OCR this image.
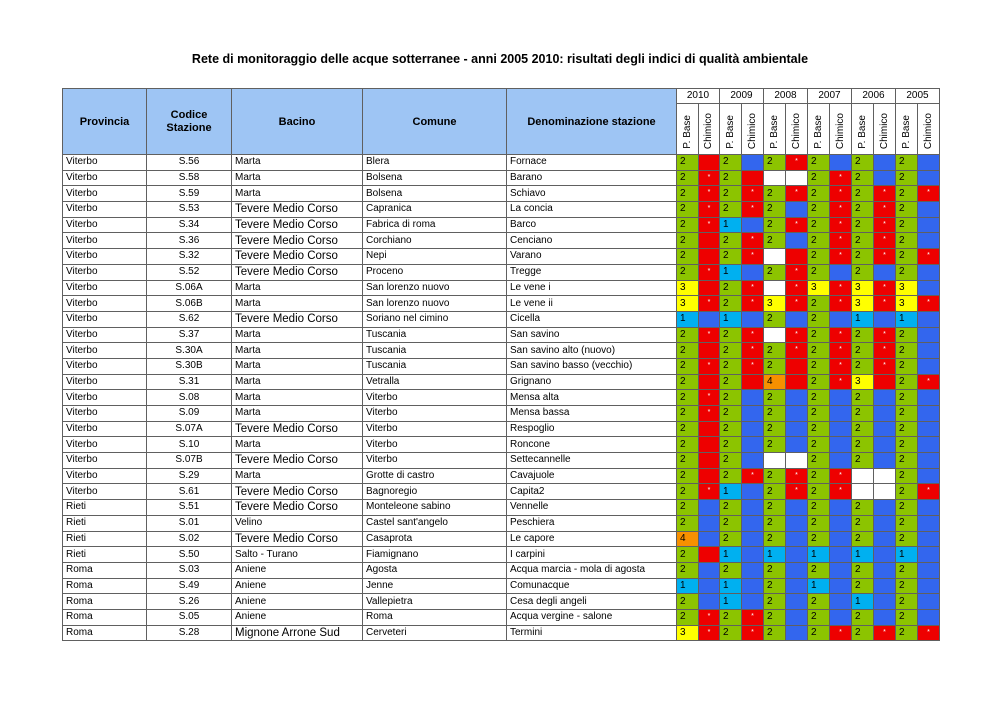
Rete di monitoraggio delle acque sotterranee - anni 2005 2010: risultati degli indici di qualità ambientale
Provincia	Codice Stazione	Bacino	Comune	Denominazione stazione	2010		2009		2008		2007		2006		2005	
					P. Base	Chimico	P. Base	Chimico	P. Base	Chimico	P. Base	Chimico	P. Base	Chimico	P. Base	Chimico
Viterbo	S.56	Marta	Blera	Fornace	2		2		2	*	2		2		2	
Viterbo	S.58	Marta	Bolsena	Barano	2	*	2				2	*	2		2	
Viterbo	S.59	Marta	Bolsena	Schiavo	2	*	2	*	2	*	2	*	2	*	2	*
Viterbo	S.53	Tevere Medio Corso	Capranica	La concia	2	*	2	*	2		2	*	2	*	2	
Viterbo	S.34	Tevere Medio Corso	Fabrica di roma	Barco	2	*	1		2	*	2	*	2	*	2	
Viterbo	S.36	Tevere Medio Corso	Corchiano	Cenciano	2		2	*	2		2	*	2	*	2	
Viterbo	S.32	Tevere Medio Corso	Nepi	Varano	2		2	*			2	*	2	*	2	*
Viterbo	S.52	Tevere Medio Corso	Proceno	Tregge	2	*	1		2	*	2		2		2	
Viterbo	S.06A	Marta	San lorenzo nuovo	Le vene i	3		2	*		*	3	*	3	*	3	
Viterbo	S.06B	Marta	San lorenzo nuovo	Le vene ii	3	*	2	*	3	*	2	*	3	*	3	*
Viterbo	S.62	Tevere Medio Corso	Soriano nel cimino	Cicella	1		1		2		2		1		1	
Viterbo	S.37	Marta	Tuscania	San savino	2	*	2	*		*	2	*	2	*	2	
Viterbo	S.30A	Marta	Tuscania	San savino alto (nuovo)	2		2	*	2	*	2	*	2	*	2	
Viterbo	S.30B	Marta	Tuscania	San savino basso (vecchio)	2	*	2	*	2		2	*	2	*	2	
Viterbo	S.31	Marta	Vetralla	Grignano	2		2		4		2	*	3		2	*
Viterbo	S.08	Marta	Viterbo	Mensa alta	2	*	2		2		2		2		2	
Viterbo	S.09	Marta	Viterbo	Mensa bassa	2	*	2		2		2		2		2	
Viterbo	S.07A	Tevere Medio Corso	Viterbo	Respoglio	2		2		2		2		2		2	
Viterbo	S.10	Marta	Viterbo	Roncone	2		2		2		2		2		2	
Viterbo	S.07B	Tevere Medio Corso	Viterbo	Settecannelle	2		2				2		2		2	
Viterbo	S.29	Marta	Grotte di castro	Cavajuole	2		2	*	2	*	2	*			2	
Viterbo	S.61	Tevere Medio Corso	Bagnoregio	Capita2	2	*	1		2	*	2	*			2	*
Rieti	S.51	Tevere Medio Corso	Monteleone sabino	Vennelle	2		2		2		2		2		2	
Rieti	S.01	Velino	Castel sant'angelo	Peschiera	2		2		2		2		2		2	
Rieti	S.02	Tevere Medio Corso	Casaprota	Le capore	4		2		2		2		2		2	
Rieti	S.50	Salto - Turano	Fiamignano	I carpini	2		1		1		1		1		1	
Roma	S.03	Aniene	Agosta	Acqua marcia - mola di agosta	2		2		2		2		2		2	
Roma	S.49	Aniene	Jenne	Comunacque	1		1		2		1		2		2	
Roma	S.26	Aniene	Vallepietra	Cesa degli angeli	2		1		2		2		1		2	
Roma	S.05	Aniene	Roma	Acqua vergine - salone	2	*	2	*	2		2		2		2	
Roma	S.28	Mignone Arrone Sud	Cerveteri	Termini	3	*	2	*	2		2	*	2	*	2	*
